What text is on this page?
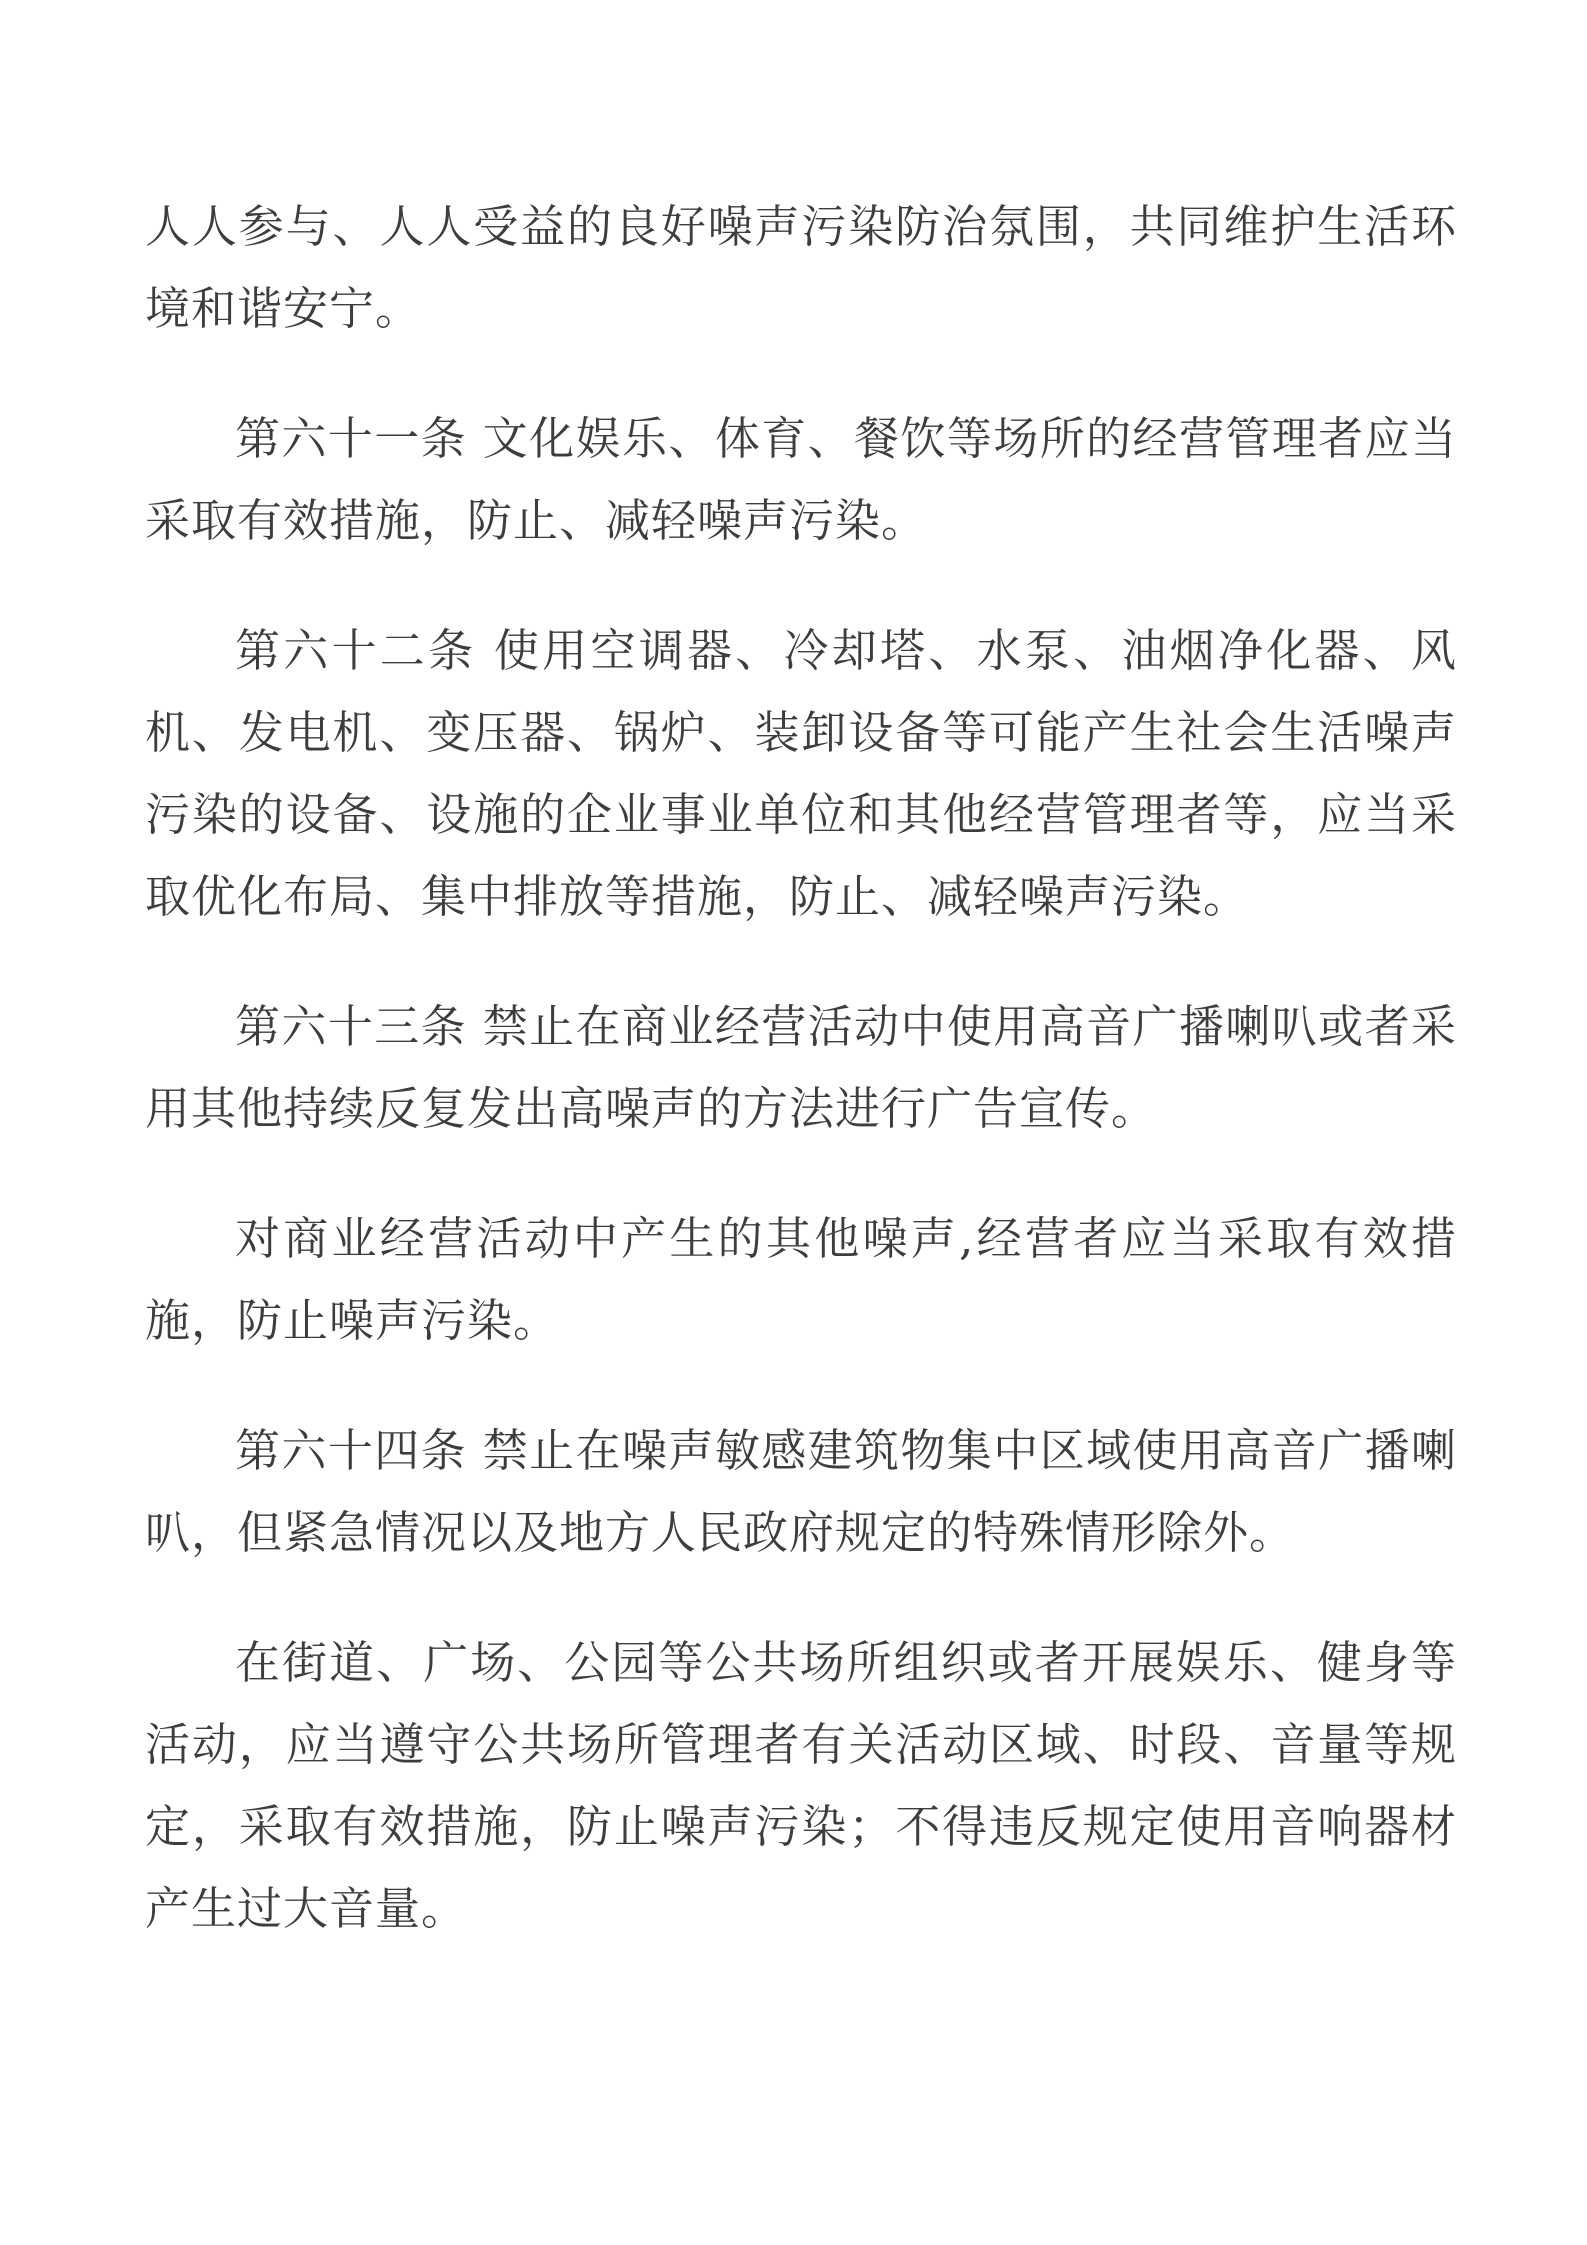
人人参与、人人受益的良好噪声污染防治氛围，共同维护生活环境和谐安宁。

第六十一条 文化娱乐、体育、餐饮等场所的经营管理者应当采取有效措施，防止、减轻噪声污染。

第六十二条 使用空调器、冷却塔、水泵、油烟净化器、风机、发电机、变压器、锅炉、装卸设备等可能产生社会生活噪声污染的设备、设施的企业事业单位和其他经营管理者等，应当采取优化布局、集中排放等措施，防止、减轻噪声污染。

第六十三条 禁止在商业经营活动中使用高音广播喇叭或者采用其他持续反复发出高噪声的方法进行广告宣传。

对商业经营活动中产生的其他噪声,经营者应当采取有效措施，防止噪声污染。

第六十四条 禁止在噪声敏感建筑物集中区域使用高音广播喇叭，但紧急情况以及地方人民政府规定的特殊情形除外。

在街道、广场、公园等公共场所组织或者开展娱乐、健身等活动，应当遵守公共场所管理者有关活动区域、时段、音量等规定，采取有效措施，防止噪声污染；不得违反规定使用音响器材产生过大音量。
